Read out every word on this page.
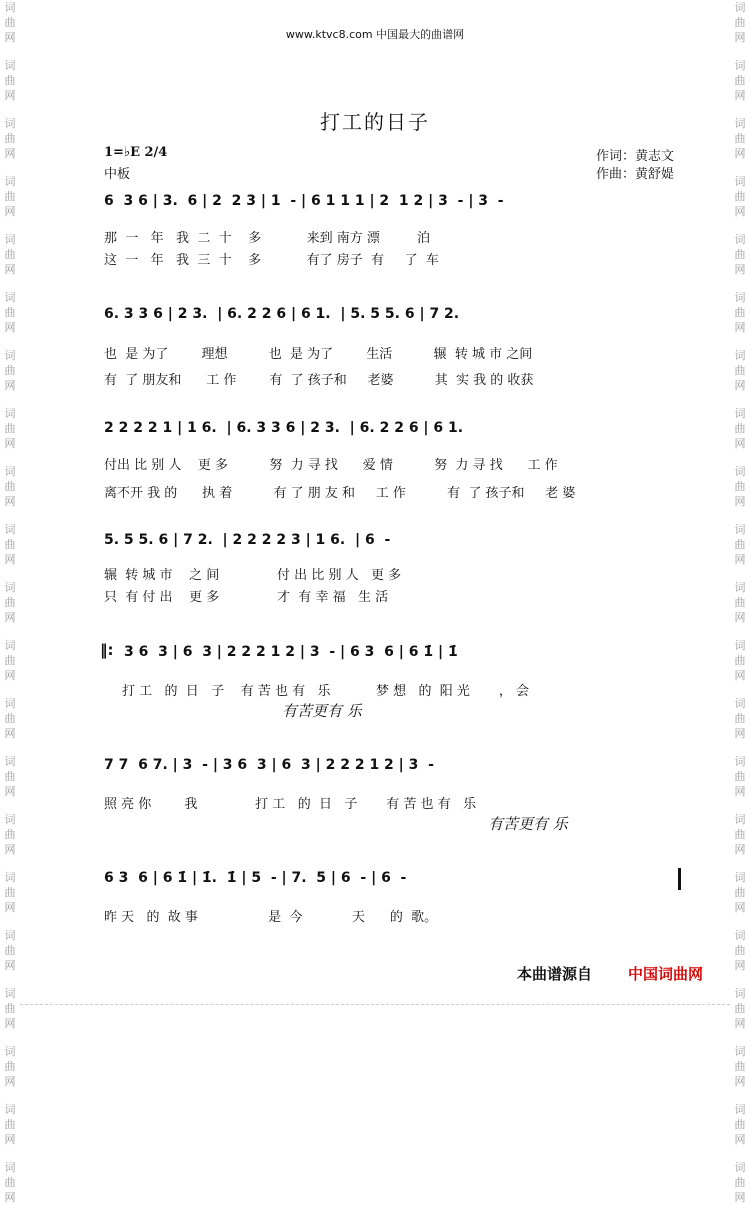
词
曲
网
词
曲
网
词
曲
网
词
曲
网
词
曲
网
词
曲
网
词
曲
网
词
曲
网
词
曲
网
词
曲
网
词
曲
网
词
曲
网
词
曲
网
词
曲
网
词
曲
网
词
曲
网
词
曲
网
词
曲
网
词
曲
网
词
曲
网
词
曲
网
词
曲
网
词
曲
网
词
曲
网
词
曲
网
词
曲
网
词
曲
网
词
曲
网
词
曲
网
词
曲
网
词
曲
网
词
曲
网
词
曲
网
词
曲
网
词
曲
网
词
曲
网
词
曲
网
词
曲
网
词
曲
网
词
曲
网
词
曲
网
词
曲
网
www.ktvc8.com 中国最大的曲谱网
打工的日子
1=♭E 2/4
中板
作词：黄志文
作曲：黄舒媞
6  3 6 | 3.  6 | 2  2 3 | 1  - | 6 1 1 1 | 2  1 2 | 3  - | 3  -
那  一   年   我  二  十    多           来到 南方 漂         泊
这  一   年   我  三  十    多           有了 房子  有     了  车
6. 3 3 6 | 2 3.  | 6. 2 2 6 | 6 1.  | 5. 5 5. 6 | 7 2.
也  是 为了        理想          也  是 为了        生活          辗  转 城 市 之间
有  了 朋友和      工 作        有  了 孩子和     老婆          其  实 我 的 收获
2 2 2 2 1 | 1 6.  | 6. 3 3 6 | 2 3.  | 6. 2 2 6 | 6 1.
付出 比 别 人    更 多          努  力 寻 找      爱 情          努  力 寻 找      工 作
离不开 我 的      执 着          有 了 朋 友 和     工 作          有  了 孩子和     老 婆
5. 5 5. 6 | 7 2.  | 2 2 2 2 3 | 1 6.  | 6  -
辗  转 城 市    之 间              付 出 比 别 人   更 多
只  有 付 出    更 多              才  有 幸 福   生 活
‖: 3 6  3 | 6  3 | 2 2 2 1 2 | 3  - | 6 3  6 | 6 1̇ | 1̇
打 工   的  日   子    有 苦 也 有   乐           梦 想   的  阳 光       ， 会
有苦更有 乐
7 7  6 7. | 3  - | 3 6  3 | 6  3 | 2 2 2 1 2 | 3  -
照 亮 你        我              打 工   的  日   子       有 苦 也 有   乐
有苦更有 乐
6 3  6 | 6 1̇ | 1̇.  1̇ | 5  - | 7.  5 | 6  - | 6  -
昨 天   的  故 事                 是  今            天      的  歌。
本曲谱源自 中国词曲网
